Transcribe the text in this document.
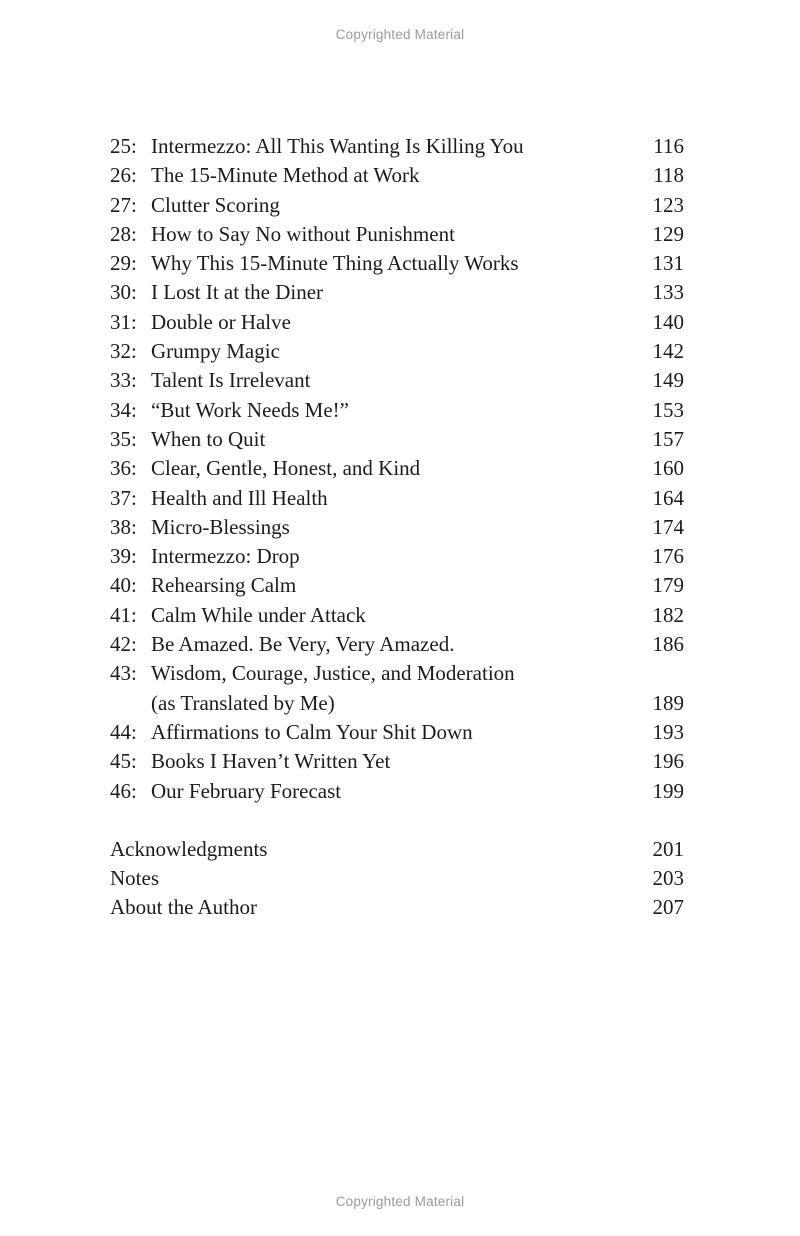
Copyrighted Material
25: Intermezzo: All This Wanting Is Killing You	116
26: The 15-Minute Method at Work	118
27: Clutter Scoring	123
28: How to Say No without Punishment	129
29: Why This 15-Minute Thing Actually Works	131
30: I Lost It at the Diner	133
31: Double or Halve	140
32: Grumpy Magic	142
33: Talent Is Irrelevant	149
34: “But Work Needs Me!”	153
35: When to Quit	157
36: Clear, Gentle, Honest, and Kind	160
37: Health and Ill Health	164
38: Micro-Blessings	174
39: Intermezzo: Drop	176
40: Rehearsing Calm	179
41: Calm While under Attack	182
42: Be Amazed. Be Very, Very Amazed.	186
43: Wisdom, Courage, Justice, and Moderation
(as Translated by Me)	189
44: Affirmations to Calm Your Shit Down	193
45: Books I Haven’t Written Yet	196
46: Our February Forecast	199
Acknowledgments	201
Notes	203
About the Author	207
Copyrighted Material
